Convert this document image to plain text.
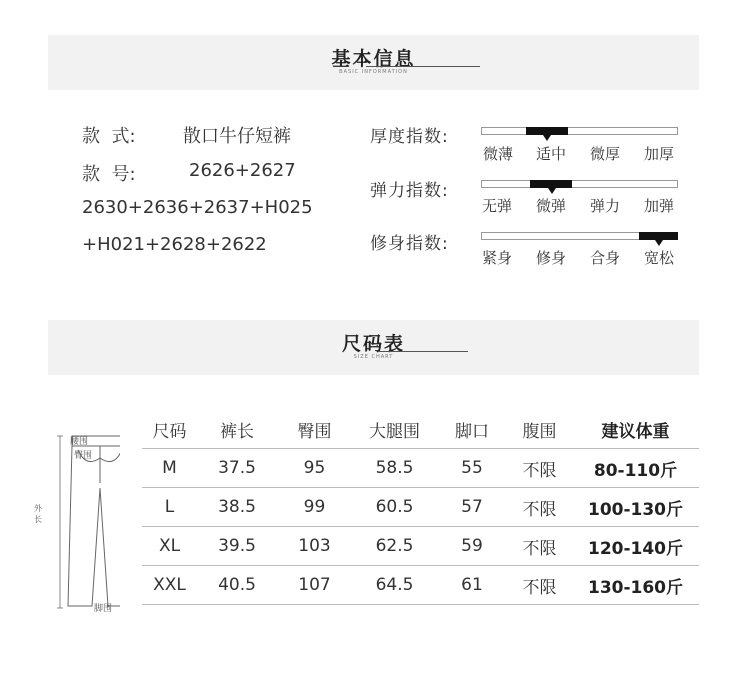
基本信息
BASIC INFORMATION
款  式:	散口牛仔短裤
款  号:	2626+2627
2630+2636+2637+H025
+H021+2628+2622
厚度指数:
微薄	适中	微厚	加厚
弹力指数:
无弹	微弹	弹力	加弹
修身指数:
紧身	修身	合身	宽松
尺码表
SIZE CHART
腰围
臀围
外长
脚围
尺码	裤长	臀围	大腿围	脚口	腹围	建议体重
M	37.5	95	58.5	55	不限	80-110斤
L	38.5	99	60.5	57	不限	100-130斤
XL	39.5	103	62.5	59	不限	120-140斤
XXL	40.5	107	64.5	61	不限	130-160斤
